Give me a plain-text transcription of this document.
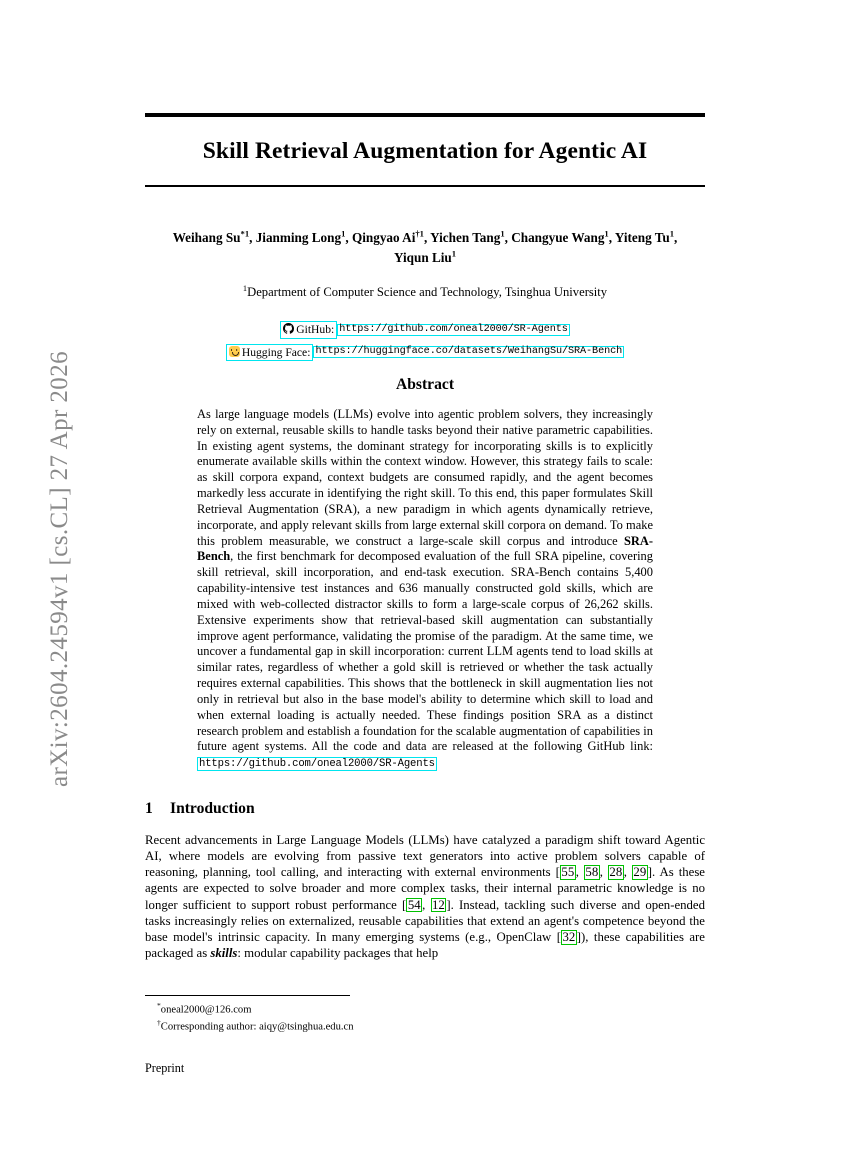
arXiv:2604.24594v1 [cs.CL] 27 Apr 2026
Skill Retrieval Augmentation for Agentic AI
Weihang Su$^{*1}$, Jianming Long$^1$, Qingyao Ai$^{\dagger 1}$, Yichen Tang$^1$, Changyue Wang$^1$, Yiteng Tu$^1$,
Yiqun Liu$^1$
$^1$Department of Computer Science and Technology, Tsinghua University
GitHub: https://github.com/oneal2000/SR-Agents
Hugging Face: https://huggingface.co/datasets/WeihangSu/SRA-Bench
Abstract
As large language models (LLMs) evolve into agentic problem solvers, they increasingly rely on external, reusable skills to handle tasks beyond their native parametric capabilities. In existing agent systems, the dominant strategy for incorporating skills is to explicitly enumerate available skills within the context window. However, this strategy fails to scale: as skill corpora expand, context budgets are consumed rapidly, and the agent becomes markedly less accurate in identifying the right skill. To this end, this paper formulates Skill Retrieval Augmentation (SRA), a new paradigm in which agents dynamically retrieve, incorporate, and apply relevant skills from large external skill corpora on demand. To make this problem measurable, we construct a large-scale skill corpus and introduce SRA-Bench, the first benchmark for decomposed evaluation of the full SRA pipeline, covering skill retrieval, skill incorporation, and end-task execution. SRA-Bench contains 5,400 capability-intensive test instances and 636 manually constructed gold skills, which are mixed with web-collected distractor skills to form a large-scale corpus of 26,262 skills. Extensive experiments show that retrieval-based skill augmentation can substantially improve agent performance, validating the promise of the paradigm. At the same time, we uncover a fundamental gap in skill incorporation: current LLM agents tend to load skills at similar rates, regardless of whether a gold skill is retrieved or whether the task actually requires external capabilities. This shows that the bottleneck in skill augmentation lies not only in retrieval but also in the base model's ability to determine which skill to load and when external loading is actually needed. These findings position SRA as a distinct research problem and establish a foundation for the scalable augmentation of capabilities in future agent systems. All the code and data are released at the following GitHub link: https://github.com/oneal2000/SR-Agents
1 Introduction
Recent advancements in Large Language Models (LLMs) have catalyzed a paradigm shift toward Agentic AI, where models are evolving from passive text generators into active problem solvers capable of reasoning, planning, tool calling, and interacting with external environments [ 55 , 58 , 28 , 29 ]. As these agents are expected to solve broader and more complex tasks, their internal parametric knowledge is no longer sufficient to support robust performance [ 54 , 12 ]. Instead, tackling such diverse and open-ended tasks increasingly relies on externalized, reusable capabilities that extend an agent's competence beyond the base model's intrinsic capacity. In many emerging systems (e.g., OpenClaw [ 32 ]), these capabilities are packaged as skills: modular capability packages that help
*oneal2000@126.com
†Corresponding author: aiqy@tsinghua.edu.cn
Preprint
